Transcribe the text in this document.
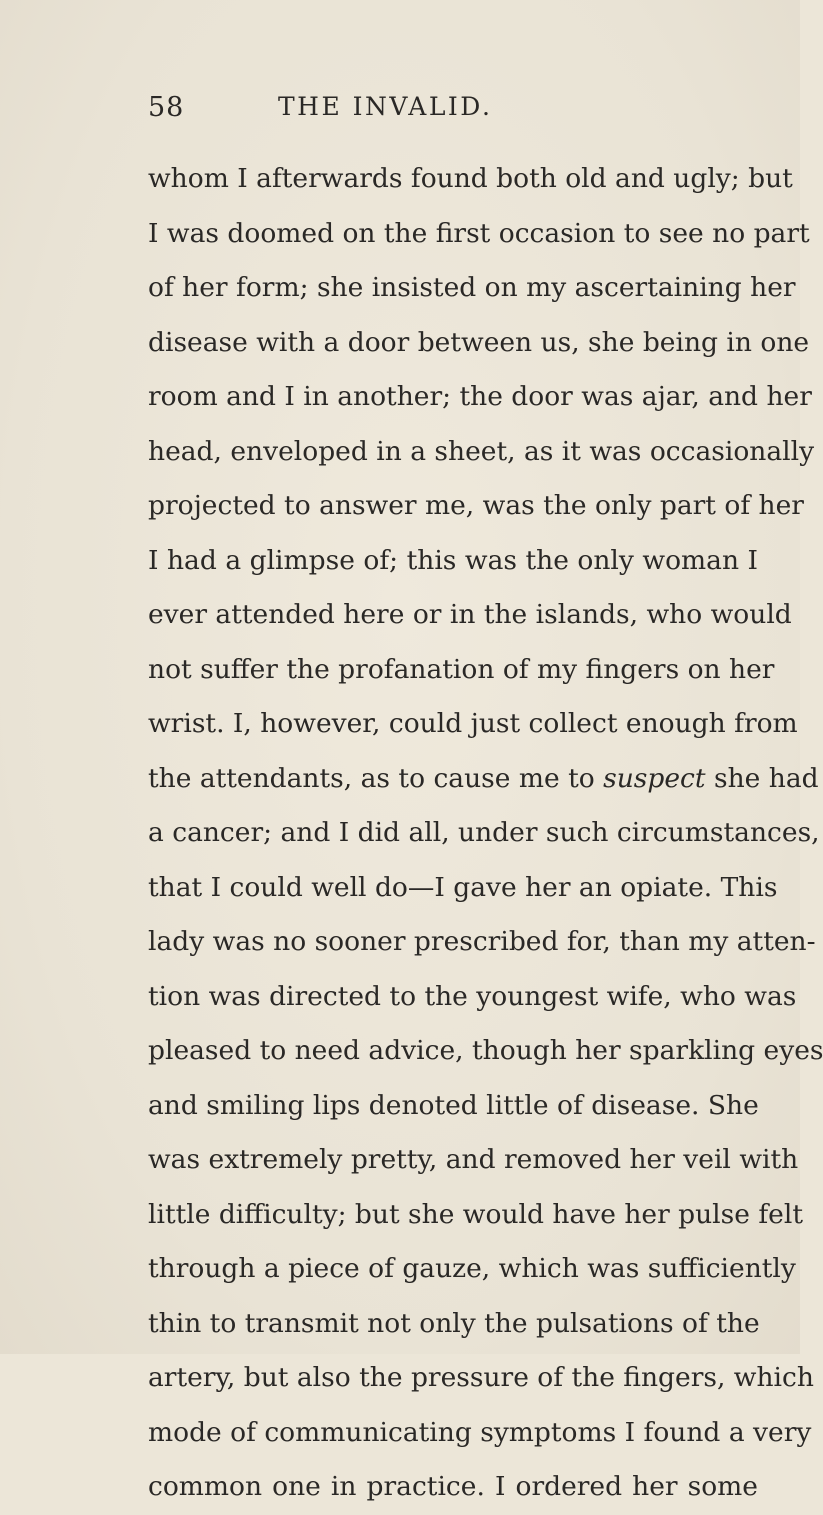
58	THE INVALID.
whom I afterwards found both old and ugly; but
I was doomed on the first occasion to see no part
of her form; she insisted on my ascertaining her
disease with a door between us, she being in one
room and I in another; the door was ajar, and her
head, enveloped in a sheet, as it was occasionally
projected to answer me, was the only part of her
I had a glimpse of; this was the only woman I
ever attended here or in the islands, who would
not suffer the profanation of my fingers on her
wrist. I, however, could just collect enough from
the attendants, as to cause me to suspect she had
a cancer; and I did all, under such circumstances,
that I could well do—I gave her an opiate. This
lady was no sooner prescribed for, than my atten-
tion was directed to the youngest wife, who was
pleased to need advice, though her sparkling eyes
and smiling lips denoted little of disease. She
was extremely pretty, and removed her veil with
little difficulty; but she would have her pulse felt
through a piece of gauze, which was sufficiently
thin to transmit not only the pulsations of the
artery, but also the pressure of the fingers, which
mode of communicating symptoms I found a very
common one in practice. I ordered her some
